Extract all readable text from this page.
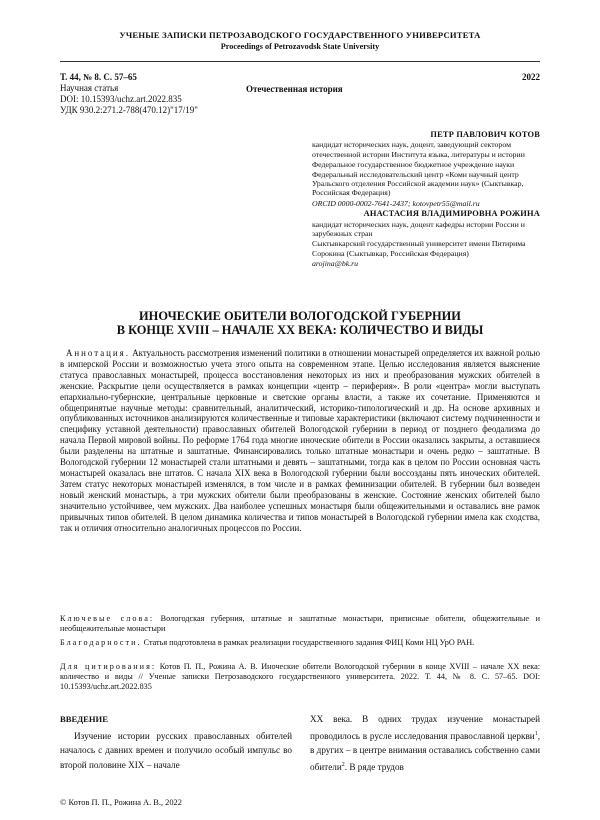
УЧЕНЫЕ ЗАПИСКИ ПЕТРОЗАВОДСКОГО ГОСУДАРСТВЕННОГО УНИВЕРСИТЕТА
Proceedings of Petrozavodsk State University
Т. 44, № 8. С. 57–65	2022
Научная статья	Отечественная история
DOI: 10.15393/uchz.art.2022.835
УДК 930.2:271.2-788(470.12)"17/19"
ПЕТР ПАВЛОВИЧ КОТОВ
кандидат исторических наук, доцент, заведующий сектором отечественной истории Института языка, литературы и истории
Федеральное государственное бюджетное учреждение науки Федеральный исследовательский центр «Коми научный центр Уральского отделения Российской академии наук» (Сыктывкар, Российская Федерация)
ORCID 0000-0002-7641-2437; kotovpetr55@mail.ru
АНАСТАСИЯ ВЛАДИМИРОВНА РОЖИНА
кандидат исторических наук, доцент кафедры истории России и зарубежных стран
Сыктывкарский государственный университет имени Питирима Сорокина (Сыктывкар, Российская Федерация)
arojina@bk.ru
ИНОЧЕСКИЕ ОБИТЕЛИ ВОЛОГОДСКОЙ ГУБЕРНИИ
В КОНЦЕ XVIII – НАЧАЛЕ XX ВЕКА: КОЛИЧЕСТВО И ВИДЫ

Аннотация. Актуальность рассмотрения изменений политики в отношении монастырей определяется их важной ролью в имперской России и возможностью учета этого опыта на современном этапе. Целью исследования является выяснение статуса православных монастырей, процесса восстановления некоторых из них и преобразования мужских обителей в женские. Раскрытие цели осуществляется в рамках концепции «центр – периферия». В роли «центра» могли выступать епархиально-губернские, центральные церковные и светские органы власти, а также их сочетание. Применяются и общепринятые научные методы: сравнительный, аналитический, историко-типологический и др. На основе архивных и опубликованных источников анализируются количественные и типовые характеристики (включают систему подчиненности и специфику уставной деятельности) православных обителей Вологодской губернии в период от позднего феодализма до начала Первой мировой войны. По реформе 1764 года многие иноческие обители в России оказались закрыты, а оставшиеся были разделены на штатные и заштатные. Финансировались только штатные монастыри и очень редко – заштатные. В Вологодской губернии 12 монастырей стали штатными и девять – заштатными, тогда как в целом по России основная часть монастырей оказалась вне штатов. С начала XIX века в Вологодской губернии были воссозданы пять иноческих обителей. Затем статус некоторых монастырей изменялся, в том числе и в рамках феминизации обителей. В губернии был возведен новый женский монастырь, а три мужских обители были преобразованы в женские. Состояние женских обителей было значительно устойчивее, чем мужских. Два наиболее успешных монастыря были общежительными и оставались вне рамок привычных типов обителей. В целом динамика количества и типов монастырей в Вологодской губернии имела как сходства, так и отличия относительно аналогичных процессов по России.

Ключевые слова: Вологодская губерния, штатные и заштатные монастыри, приписные обители, общежительные и необщежительные монастыри
Благодарности. Статья подготовлена в рамках реализации государственного задания ФИЦ Коми НЦ УрО РАН.
Для цитирования: Котов П. П., Рожина А. В. Иноческие обители Вологодской губернии в конце XVIII – начале XX века: количество и виды // Ученые записки Петрозаводского государственного университета. 2022. Т. 44, № 8. С. 57–65. DOI: 10.15393/uchz.art.2022.835
ВВЕДЕНИЕ
Изучение истории русских православных обителей началось с давних времен и получило особый импульс во второй половине XIX – начале
XX века. В одних трудах изучение монастырей проводилось в русле исследования православной церкви$^1$, в других – в центре внимания оставались собственно сами обители$^2$. В ряде трудов
© Котов П. П., Рожина А. В., 2022
